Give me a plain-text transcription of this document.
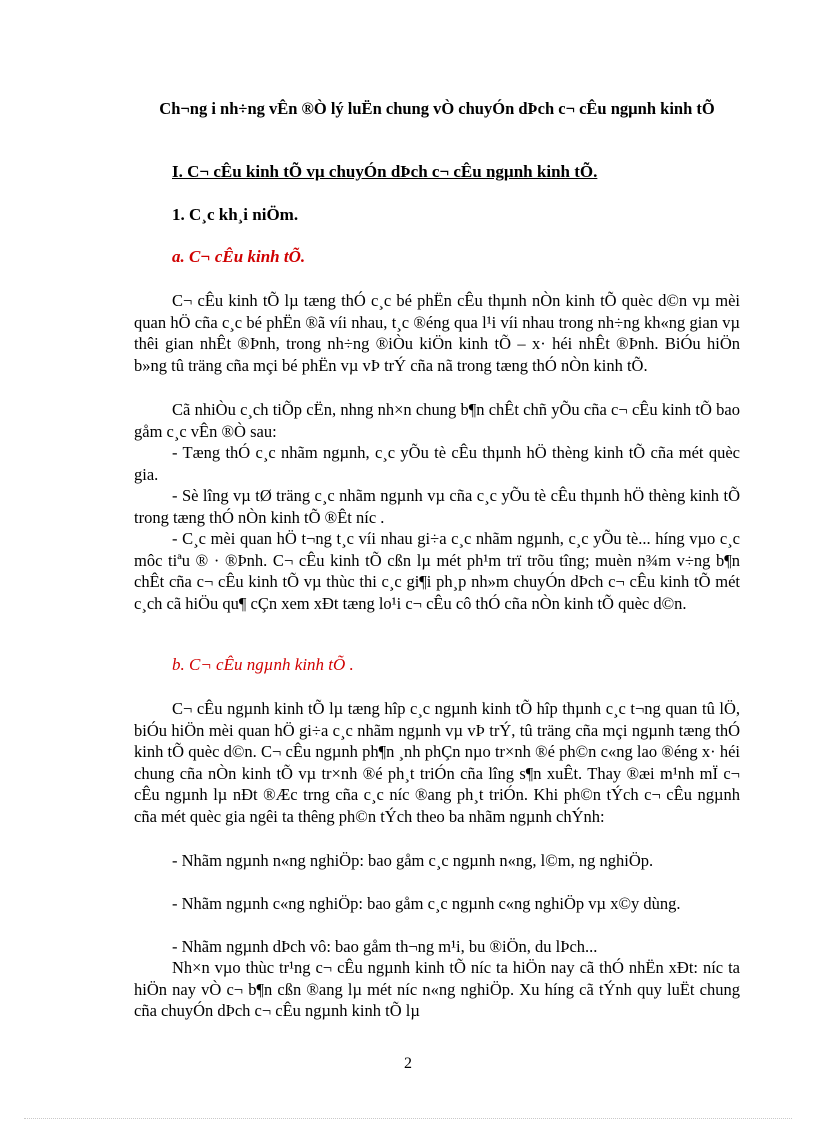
Ch¬ng i nh÷ng vÊn ®Ò lý luËn chung vÒ chuyÓn dÞch c¬ cÊu ngµnh kinh tÕ
I. C¬ cÊu kinh tÕ vµ chuyÓn dÞch c¬ cÊu ngµnh kinh tÕ.
1. C¸c kh¸i niÖm.
a. C¬ cÊu kinh tÕ.
C¬ cÊu kinh tÕ lµ tæng thÓ c¸c bé phËn cÊu thµnh nÒn kinh tÕ quèc d©n vµ mèi quan hÖ cña c¸c bé phËn ®ã víi nhau, t¸c ®éng qua l¹i víi nhau trong nh÷ng kh«ng gian vµ thêi gian nhÊt ®Þnh, trong nh÷ng ®iÒu kiÖn kinh tÕ – x· héi nhÊt ®Þnh. BiÓu hiÖn b»ng tû träng cña mçi bé phËn vµ vÞ trÝ cña nã trong tæng thÓ nÒn kinh tÕ.
Cã nhiÒu c¸ch tiÕp cËn, nhng nh×n chung b¶n chÊt chñ yÕu cña c¬ cÊu kinh tÕ bao gåm c¸c vÊn ®Ò sau:
- Tæng thÓ c¸c nhãm ngµnh, c¸c yÕu tè cÊu thµnh hÖ thèng kinh tÕ cña mét quèc gia.
- Sè lîng vµ tØ träng c¸c nhãm ngµnh vµ cña c¸c yÕu tè cÊu thµnh hÖ thèng kinh tÕ trong tæng thÓ nÒn kinh tÕ ®Êt níc .
- C¸c mèi quan hÖ t¬ng t¸c víi nhau gi÷a c¸c nhãm ngµnh, c¸c yÕu tè... híng vµo c¸c môc tiªu ® · ®Þnh. C¬ cÊu kinh tÕ cßn lµ mét ph¹m trï trõu tîng; muèn n¾m v÷ng b¶n chÊt cña c¬ cÊu kinh tÕ vµ thùc thi c¸c gi¶i ph¸p nh»m chuyÓn dÞch c¬ cÊu kinh tÕ mét c¸ch cã hiÖu qu¶ cÇn xem xÐt tæng lo¹i c¬ cÊu cô thÓ cña nÒn kinh tÕ quèc d©n.
b. C¬ cÊu ngµnh kinh tÕ .
C¬ cÊu ngµnh kinh tÕ lµ tæng hîp c¸c ngµnh kinh tÕ hîp thµnh c¸c t¬ng quan tû lÖ, biÓu hiÖn mèi quan hÖ gi÷a c¸c nhãm ngµnh vµ vÞ trÝ, tû träng cña mçi ngµnh tæng thÓ kinh tÕ quèc d©n. C¬ cÊu ngµnh ph¶n ¸nh phÇn nµo tr×nh ®é ph©n c«ng lao ®éng x· héi chung cña nÒn kinh tÕ vµ tr×nh ®é ph¸t triÓn cña lîng s¶n xuÊt. Thay ®æi m¹nh mÏ c¬ cÊu ngµnh lµ nÐt ®Æc trng cña c¸c níc ®ang ph¸t triÓn. Khi ph©n tÝch c¬ cÊu ngµnh cña mét quèc gia ngêi ta thêng ph©n tÝch theo ba nhãm ngµnh chÝnh:
- Nhãm ngµnh n«ng nghiÖp: bao gåm c¸c ngµnh n«ng, l©m, ng nghiÖp.
- Nhãm ngµnh c«ng nghiÖp: bao gåm c¸c ngµnh c«ng nghiÖp vµ x©y dùng.
- Nhãm ngµnh dÞch vô: bao gåm th¬ng m¹i, bu ®iÖn, du lÞch...
Nh×n vµo thùc tr¹ng c¬ cÊu ngµnh kinh tÕ níc ta hiÖn nay cã thÓ nhËn xÐt: níc ta hiÖn nay vÒ c¬ b¶n cßn ®ang lµ mét níc n«ng nghiÖp. Xu híng cã tÝnh quy luËt chung cña chuyÓn dÞch c¬ cÊu ngµnh kinh tÕ lµ
2
